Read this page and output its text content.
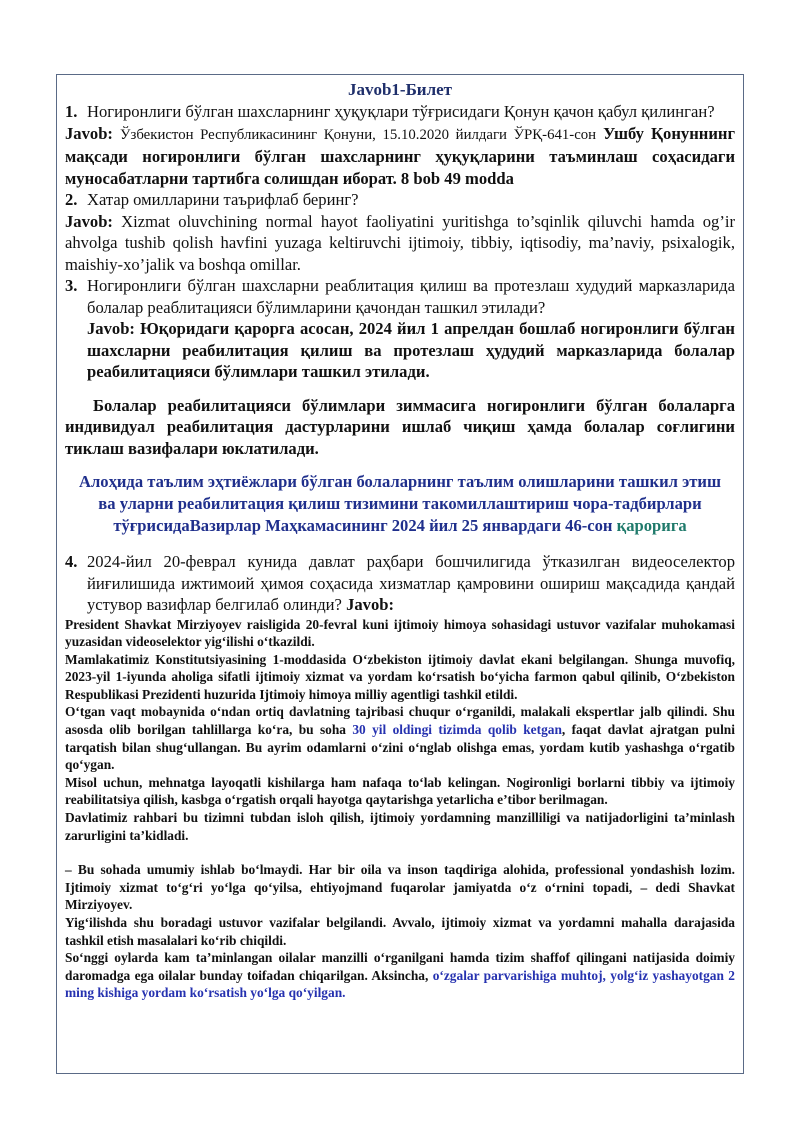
Javob1-Билет
1. Ногиронлиги бўлган шахсларнинг ҳуқуқлари тўғрисидаги Қонун қачон қабул қилинган?

Javob: Ўзбекистон Республикасининг Қонуни, 15.10.2020 йилдаги ЎРҚ-641-сон Ушбу Қонуннинг мақсади ногиронлиги бўлган шахсларнинг ҳуқуқларини таъминлаш соҳасидаги муносабатларни тартибга солишдан иборат. 8 bob 49 modda

2. Хатар омилларини таърифлаб беринг?

Javob: Xizmat oluvchining normal hayot faoliyatini yuritishga to’sqinlik qiluvchi hamda og’ir ahvolga tushib qolish havfini yuzaga keltiruvchi ijtimoiy, tibbiy, iqtisodiy, ma’naviy, psixalogik, maishiy-xo’jalik va boshqa omillar.

3. Ногиронлиги бўлган шахсларни реаблитация қилиш ва протезлаш худудий марказларида болалар реаблитацияси бўлимларини қачондан ташкил этилади?
Javob: Юқоридаги қарорга асосан, 2024 йил 1 апрелдан бошлаб ногиронлиги бўлган шахсларни реабилитация қилиш ва протезлаш ҳудудий марказларида болалар реабилитацияси бўлимлари ташкил этилади.

Болалар реабилитацияси бўлимлари зиммасига ногиронлиги бўлган болаларга индивидуал реабилитация дастурларини ишлаб чиқиш ҳамда болалар соғлигини тиклаш вазифалари юклатилади.

Алоҳида таълим эҳтиёжлари бўлган болаларнинг таълим олишларини ташкил этиш ва уларни реабилитация қилиш тизимини такомиллаштириш чора-тадбирлари тўғрисидаВазирлар Маҳкамасининг 2024 йил 25 январдаги 46-сон қарорига
4. 2024-йил 20-феврал кунида давлат раҳбари бошчилигида ўтказилган видеоселектор йиғилишида ижтимоий ҳимоя соҳасида хизматлар қамровини ошириш мақсадида қандай устувор вазифлар белгилаб олинди? Javob:

President Shavkat Mirziyoyev raisligida 20-fevral kuni ijtimoiy himoya sohasidagi ustuvor vazifalar muhokamasi yuzasidan videoselektor yig‘ilishi o‘tkazildi.

Mamlakatimiz Konstitutsiyasining 1-moddasida O‘zbekiston ijtimoiy davlat ekani belgilangan. Shunga muvofiq, 2023-yil 1-iyunda aholiga sifatli ijtimoiy xizmat va yordam ko‘rsatish bo‘yicha farmon qabul qilinib, O‘zbekiston Respublikasi Prezidenti huzurida Ijtimoiy himoya milliy agentligi tashkil etildi.

O‘tgan vaqt mobaynida o‘ndan ortiq davlatning tajribasi chuqur o‘rganildi, malakali ekspertlar jalb qilindi. Shu asosda olib borilgan tahlillarga ko‘ra, bu soha 30 yil oldingi tizimda qolib ketgan, faqat davlat ajratgan pulni tarqatish bilan shug‘ullangan. Bu ayrim odamlarni o‘zini o‘nglab olishga emas, yordam kutib yashashga o‘rgatib qo‘ygan.

Misol uchun, mehnatga layoqatli kishilarga ham nafaqa to‘lab kelingan. Nogironligi borlarni tibbiy va ijtimoiy reabilitatsiya qilish, kasbga o‘rgatish orqali hayotga qaytarishga yetarlicha e’tibor berilmagan.

Davlatimiz rahbari bu tizimni tubdan isloh qilish, ijtimoiy yordamning manzilliligi va natijadorligini ta’minlash zarurligini ta’kidladi.

– Bu sohada umumiy ishlab bo‘lmaydi. Har bir oila va inson taqdiriga alohida, professional yondashish lozim. Ijtimoiy xizmat to‘g‘ri yo‘lga qo‘yilsa, ehtiyojmand fuqarolar jamiyatda o‘z o‘rnini topadi, – dedi Shavkat Mirziyoyev.

Yig‘ilishda shu boradagi ustuvor vazifalar belgilandi. Avvalo, ijtimoiy xizmat va yordamni mahalla darajasida tashkil etish masalalari ko‘rib chiqildi.

So‘nggi oylarda kam ta’minlangan oilalar manzilli o‘rganilgani hamda tizim shaffof qilingani natijasida doimiy daromadga ega oilalar bunday toifadan chiqarilgan. Aksincha, o‘zgalar parvarishiga muhtoj, yolg‘iz yashayotgan 2 ming kishiga yordam ko‘rsatish yo‘lga qo‘yilgan.
